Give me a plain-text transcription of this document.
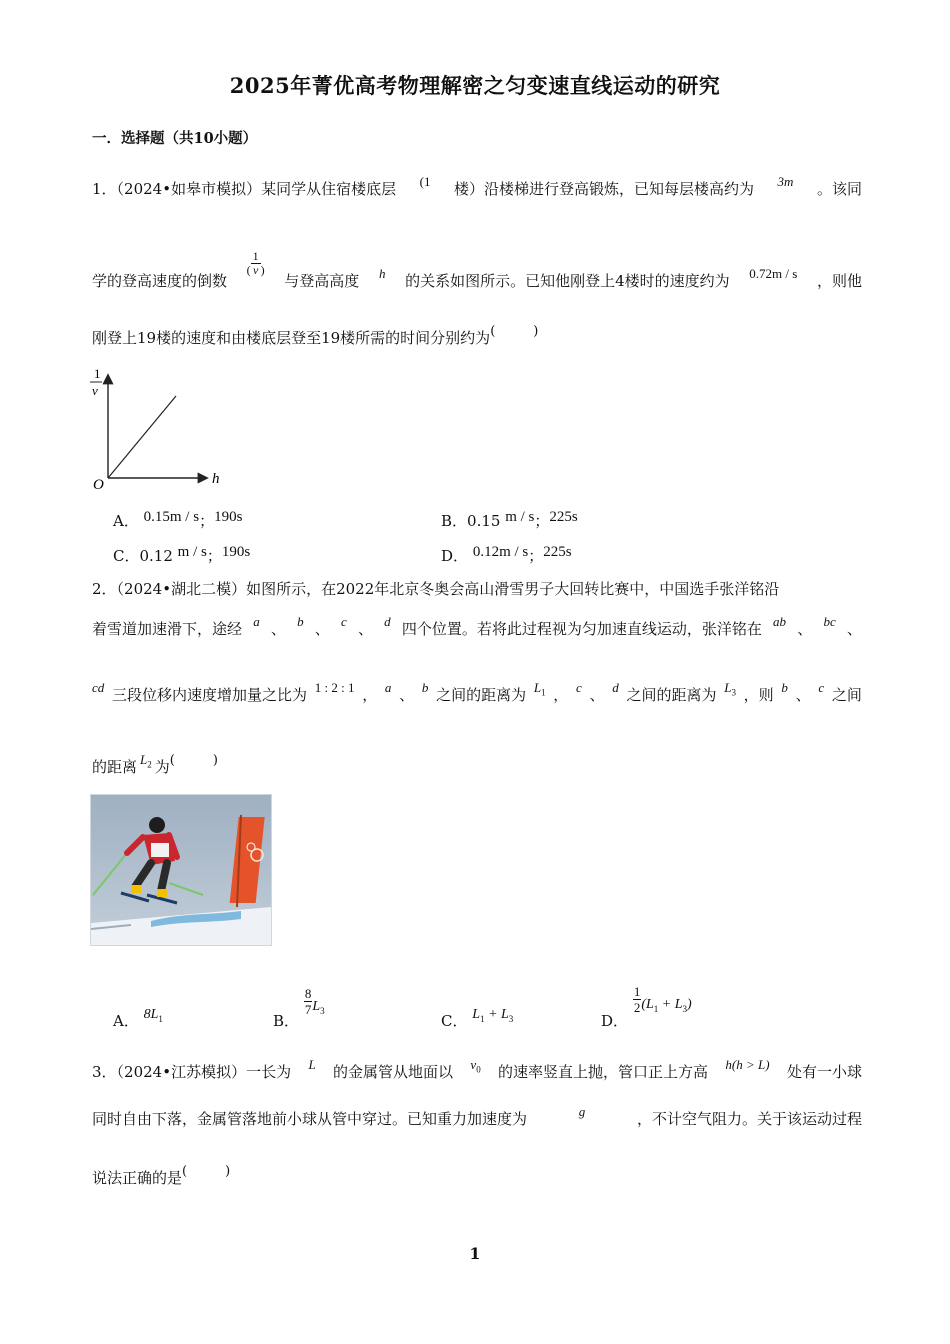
2025年菁优高考物理解密之匀变速直线运动的研究
一．选择题（共10小题）
1．（2024•如皋市模拟）某同学从住宿楼底层 (1 楼）沿楼梯进行登高锻炼，已知每层楼高约为 3m 。该同
学的登高速度的倒数
( $\frac{1}{v}$ )
与登高高度 h 的关系如图所示。已知他刚登上4楼时的速度约为 0.72m / s ，则他
刚登上19楼的速度和由楼底层登至19楼所需的时间分别约为(	)
1
v
h
O
A． 0.15m / s；190s	B．0.15 m / s；225s
C．0.12 m / s；190s	D． 0.12m / s；225s
2．（2024•湖北二模）如图所示，在2022年北京冬奥会高山滑雪男子大回转比赛中，中国选手张洋铭沿
着雪道加速滑下，途经 a 、 b 、 c 、 d 四个位置。若将此过程视为匀加速直线运动，张洋铭在 ab 、 bc 、
cd 三段位移内速度增加量之比为 1 : 2 : 1 ， a 、 b 之间的距离为 $L_1$ ， c 、 d 之间的距离为 $L_3$ ，则 b 、 c 之间
的距离 $L_2$ 为(	)
A． $8L_1$	B．
$\frac{8}{7} L_3$
C． $L_1 + L_3$	D．
$\frac{1}{2} (L_1 + L_3)$
3．（2024•江苏模拟）一长为 L 的金属管从地面以 $v_0$ 的速率竖直上抛，管口正上方高 h(h > L) 处有一小球
同时自由下落，金属管落地前小球从管中穿过。已知重力加速度为	g	，不计空气阻力。关于该运动过程
说法正确的是(	)
1
